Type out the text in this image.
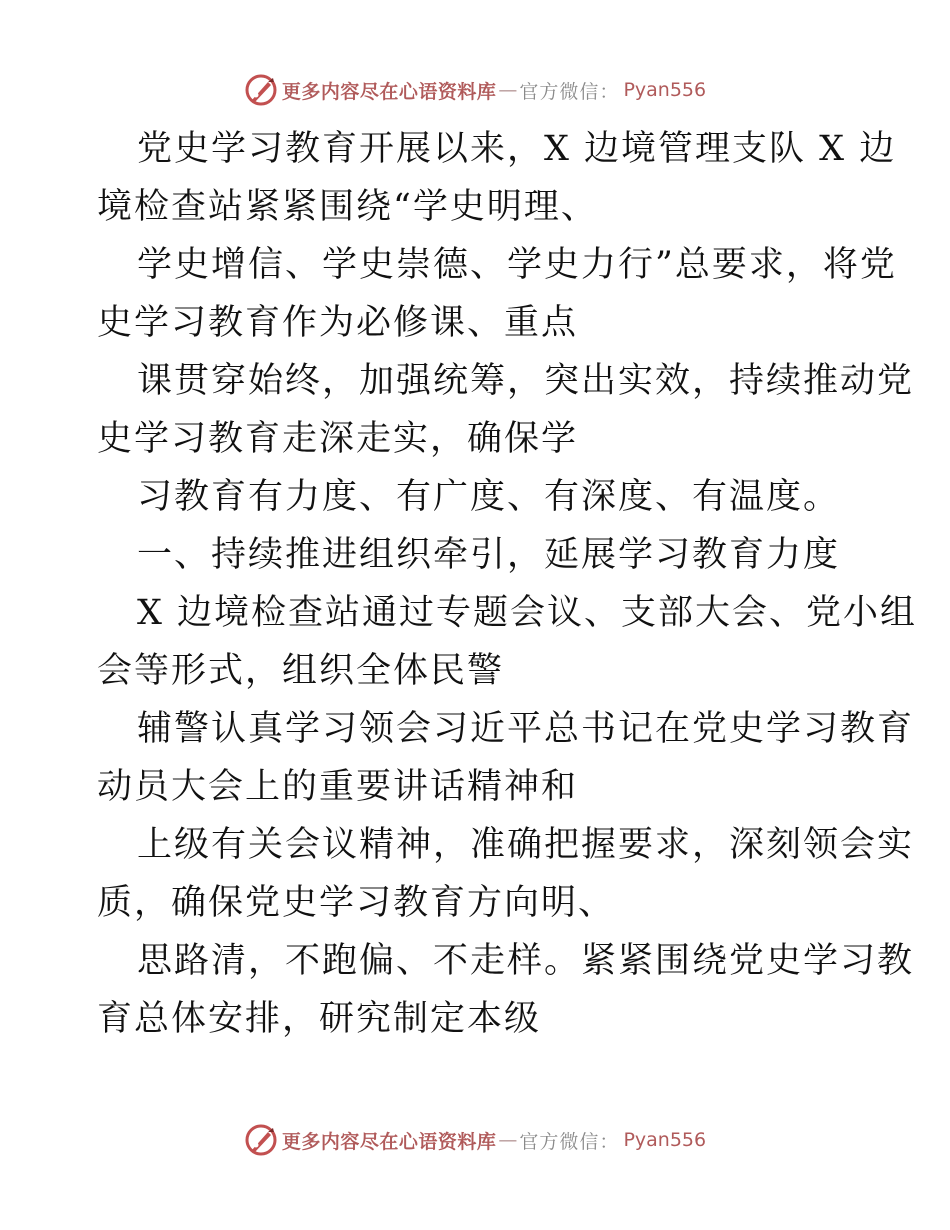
更多内容尽在心语资料库 — 官方微信： Pyan556

党史学习教育开展以来，X 边境管理支队 X 边

境检查站紧紧围绕“学史明理、

学史增信、学史崇德、学史力行”总要求，将党

史学习教育作为必修课、重点

课贯穿始终，加强统筹，突出实效，持续推动党

史学习教育走深走实，确保学

习教育有力度、有广度、有深度、有温度。

一、持续推进组织牵引，延展学习教育力度

X 边境检查站通过专题会议、支部大会、党小组

会等形式，组织全体民警

辅警认真学习领会习近平总书记在党史学习教育

动员大会上的重要讲话精神和

上级有关会议精神，准确把握要求，深刻领会实

质，确保党史学习教育方向明、

思路清，不跑偏、不走样。紧紧围绕党史学习教

育总体安排，研究制定本级

更多内容尽在心语资料库 — 官方微信： Pyan556
